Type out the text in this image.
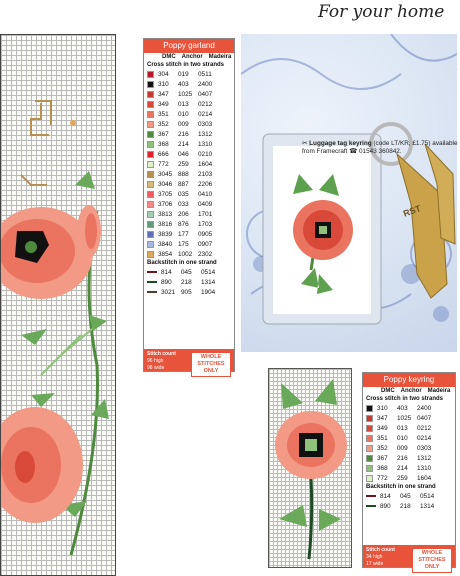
For your home
Poppy garland
DMC Anchor Madeira
Cross stitch in two strands
304	019	0511
310	403	2400
347	1025 0407
349	013	0212
351	010	0214
352	009	0303
367	216	1312
368	214	1310
666	046	0210
772	259	1604
3045 888	2103
3046 887	2206
3705 035	0410
3706 033	0409
3813 206	1701
3816 876	1703
3839 177	0905
3840 175	0907
3854 1002 2302
Backstitch in one strand
814	045	0514
890	218	1314
3021 905	1904
Stitch count
96 high
98 wide
WHOLE STITCHES ONLY
RST
✂ Luggage tag keyring (code LT/KR, £1.75) available from Framecraft ☎ 01543 360842.
Poppy keyring
DMC Anchor Madeira
Cross stitch in two strands
310	403	2400
347	1025 0407
349	013	0212
351	010	0214
352	009	0303
367	216	1312
368	214	1310
772	259	1604
Backstitch in one strand
814	045	0514
890	218	1314
Stitch count
34 high
17 wide
WHOLE STITCHES ONLY
